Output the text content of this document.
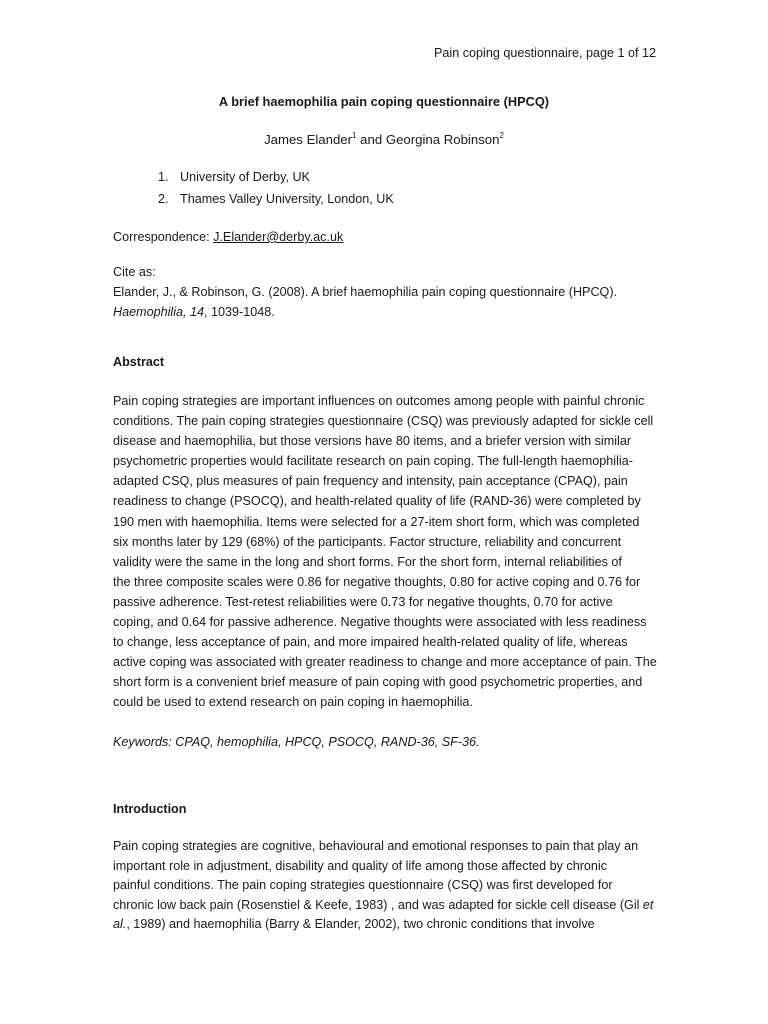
Pain coping questionnaire, page 1 of 12
A brief haemophilia pain coping questionnaire (HPCQ)
James Elander$^1$ and Georgina Robinson$^2$
1. University of Derby, UK
2. Thames Valley University, London, UK
Correspondence: J.Elander@derby.ac.uk

Cite as:

Elander, J., & Robinson, G. (2008). A brief haemophilia pain coping questionnaire (HPCQ).

Haemophilia, 14, 1039-1048.

Abstract

Pain coping strategies are important influences on outcomes among people with painful chronic

conditions. The pain coping strategies questionnaire (CSQ) was previously adapted for sickle cell

disease and haemophilia, but those versions have 80 items, and a briefer version with similar

psychometric properties would facilitate research on pain coping. The full-length haemophilia-

adapted CSQ, plus measures of pain frequency and intensity, pain acceptance (CPAQ), pain

readiness to change (PSOCQ), and health-related quality of life (RAND-36) were completed by

190 men with haemophilia. Items were selected for a 27-item short form, which was completed

six months later by 129 (68%) of the participants. Factor structure, reliability and concurrent

validity were the same in the long and short forms. For the short form, internal reliabilities of

the three composite scales were 0.86 for negative thoughts, 0.80 for active coping and 0.76 for

passive adherence. Test-retest reliabilities were 0.73 for negative thoughts, 0.70 for active

coping, and 0.64 for passive adherence. Negative thoughts were associated with less readiness

to change, less acceptance of pain, and more impaired health-related quality of life, whereas

active coping was associated with greater readiness to change and more acceptance of pain. The

short form is a convenient brief measure of pain coping with good psychometric properties, and

could be used to extend research on pain coping in haemophilia.

Keywords: CPAQ, hemophilia, HPCQ, PSOCQ, RAND-36, SF-36.
Introduction

Pain coping strategies are cognitive, behavioural and emotional responses to pain that play an

important role in adjustment, disability and quality of life among those affected by chronic

painful conditions. The pain coping strategies questionnaire (CSQ) was first developed for

chronic low back pain (Rosenstiel & Keefe, 1983) , and was adapted for sickle cell disease (Gil et

al., 1989) and haemophilia (Barry & Elander, 2002), two chronic conditions that involve
